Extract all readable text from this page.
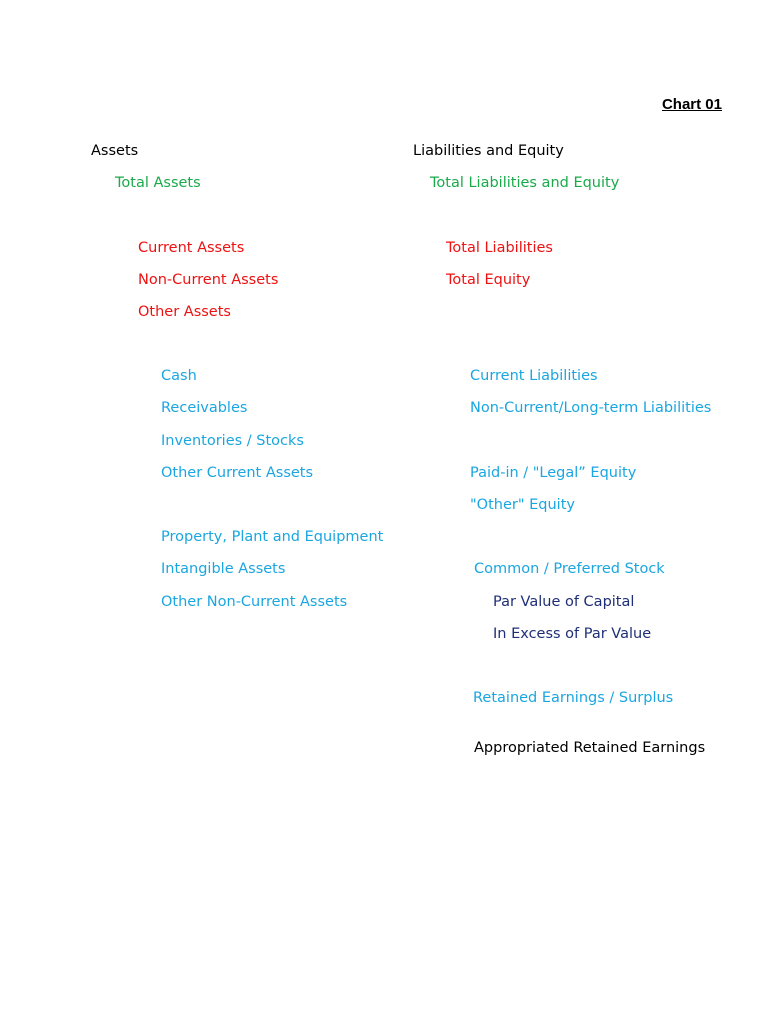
Chart 01
Assets
Total Assets
Current Assets
Non-Current Assets
Other Assets
Cash
Receivables
Inventories / Stocks
Other Current Assets
Property, Plant and Equipment
Intangible Assets
Other Non-Current Assets
Liabilities and Equity
Total Liabilities and Equity
Total Liabilities
Total Equity
Current Liabilities
Non-Current/Long-term Liabilities
Paid-in / "Legal” Equity
"Other" Equity
Common / Preferred Stock
Par Value of Capital
In Excess of Par Value
Retained Earnings / Surplus
Appropriated Retained Earnings
